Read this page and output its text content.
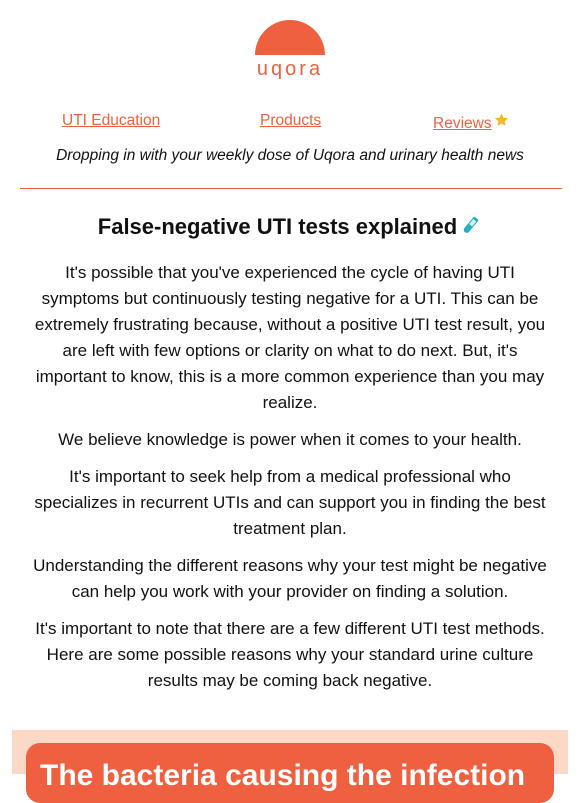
uqora
UTI Education	Products	Reviews
Dropping in with your weekly dose of Uqora and urinary health news
False-negative UTI tests explained

It's possible that you've experienced the cycle of having UTI symptoms but continuously testing negative for a UTI. This can be extremely frustrating because, without a positive UTI test result, you are left with few options or clarity on what to do next. But, it's important to know, this is a more common experience than you may realize.

We believe knowledge is power when it comes to your health.

It's important to seek help from a medical professional who specializes in recurrent UTIs and can support you in finding the best treatment plan.

Understanding the different reasons why your test might be negative can help you work with your provider on finding a solution.

It's important to note that there are a few different UTI test methods. Here are some possible reasons why your standard urine culture results may be coming back negative.

The bacteria causing the infection
